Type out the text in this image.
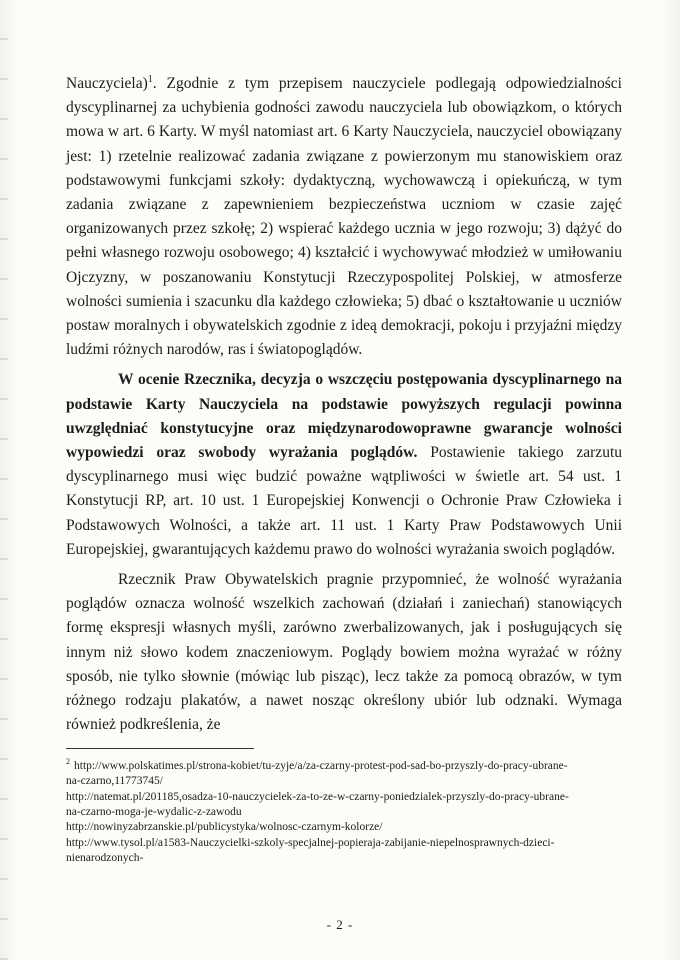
Nauczyciela)$^1$. Zgodnie z tym przepisem nauczyciele podlegają odpowiedzialności dyscyplinarnej za uchybienia godności zawodu nauczyciela lub obowiązkom, o których mowa w art. 6 Karty. W myśl natomiast art. 6 Karty Nauczyciela, nauczyciel obowiązany jest: 1) rzetelnie realizować zadania związane z powierzonym mu stanowiskiem oraz podstawowymi funkcjami szkoły: dydaktyczną, wychowawczą i opiekuńczą, w tym zadania związane z zapewnieniem bezpieczeństwa uczniom w czasie zajęć organizowanych przez szkołę; 2) wspierać każdego ucznia w jego rozwoju; 3) dążyć do pełni własnego rozwoju osobowego; 4) kształcić i wychowywać młodzież w umiłowaniu Ojczyzny, w poszanowaniu Konstytucji Rzeczypospolitej Polskiej, w atmosferze wolności sumienia i szacunku dla każdego człowieka; 5) dbać o kształtowanie u uczniów postaw moralnych i obywatelskich zgodnie z ideą demokracji, pokoju i przyjaźni między ludźmi różnych narodów, ras i światopoglądów.

W ocenie Rzecznika, decyzja o wszczęciu postępowania dyscyplinarnego na podstawie Karty Nauczyciela na podstawie powyższych regulacji powinna uwzględniać konstytucyjne oraz międzynarodowoprawne gwarancje wolności wypowiedzi oraz swobody wyrażania poglądów. Postawienie takiego zarzutu dyscyplinarnego musi więc budzić poważne wątpliwości w świetle art. 54 ust. 1 Konstytucji RP, art. 10 ust. 1 Europejskiej Konwencji o Ochronie Praw Człowieka i Podstawowych Wolności, a także art. 11 ust. 1 Karty Praw Podstawowych Unii Europejskiej, gwarantujących każdemu prawo do wolności wyrażania swoich poglądów.

Rzecznik Praw Obywatelskich pragnie przypomnieć, że wolność wyrażania poglądów oznacza wolność wszelkich zachowań (działań i zaniechań) stanowiących formę ekspresji własnych myśli, zarówno zwerbalizowanych, jak i posługujących się innym niż słowo kodem znaczeniowym. Poglądy bowiem można wyrażać w różny sposób, nie tylko słownie (mówiąc lub pisząc), lecz także za pomocą obrazów, w tym różnego rodzaju plakatów, a nawet nosząc określony ubiór lub odznaki. Wymaga również podkreślenia, że

$^2$ http://www.polskatimes.pl/strona-kobiet/tu-zyje/a/za-czarny-protest-pod-sad-bo-przyszly-do-pracy-ubrane-

na-czarno,11773745/

http://natemat.pl/201185,osadza-10-nauczycielek-za-to-ze-w-czarny-poniedzialek-przyszly-do-pracy-ubrane-

na-czarno-moga-je-wydalic-z-zawodu

http://nowinyzabrzanskie.pl/publicystyka/wolnosc-czarnym-kolorze/

http://www.tysol.pl/a1583-Nauczycielki-szkoly-specjalnej-popieraja-zabijanie-niepelnosprawnych-dzieci-

nienarodzonych-

- 2 -
